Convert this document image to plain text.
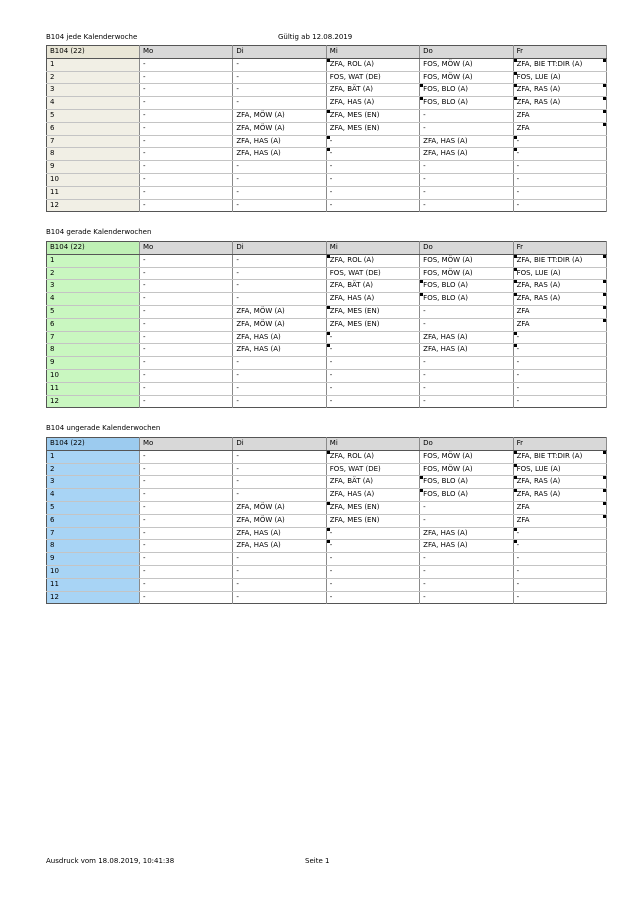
B104 jede Kalenderwoche	Gültig ab 12.08.2019
B104 gerade Kalenderwochen
B104 ungerade Kalenderwochen
B104 (22)	Mo	Di	Mi	Do	Fr
1	-	-	ZFA, ROL (A)	FOS, MÖW (A)	ZFA, BIE TT:DIR (A)

2	-	-	FOS, WAT (DE)	FOS, MÖW (A)	FOS, LUE (A)

3	-	-	ZFA, BÄT (A)	FOS, BLO (A)	ZFA, RAS (A)

4	-	-	ZFA, HAS (A)	FOS, BLO (A)	ZFA, RAS (A)

5	-	ZFA, MÖW (A)	ZFA, MES (EN)	-	ZFA

6	-	ZFA, MÖW (A)	ZFA, MES (EN)	-	ZFA

7	-	ZFA, HAS (A)	-	ZFA, HAS (A)	-

8	-	ZFA, HAS (A)	-	ZFA, HAS (A)	-

9	-	-	-	-	-
10	-	-	-	-	-
11	-	-	-	-	-
12	-	-	-	-	-
B104 (22)	Mo	Di	Mi	Do	Fr
1	-	-	ZFA, ROL (A)	FOS, MÖW (A)	ZFA, BIE TT:DIR (A)

2	-	-	FOS, WAT (DE)	FOS, MÖW (A)	FOS, LUE (A)

3	-	-	ZFA, BÄT (A)	FOS, BLO (A)	ZFA, RAS (A)

4	-	-	ZFA, HAS (A)	FOS, BLO (A)	ZFA, RAS (A)

5	-	ZFA, MÖW (A)	ZFA, MES (EN)	-	ZFA

6	-	ZFA, MÖW (A)	ZFA, MES (EN)	-	ZFA

7	-	ZFA, HAS (A)	-	ZFA, HAS (A)	-

8	-	ZFA, HAS (A)	-	ZFA, HAS (A)	-

9	-	-	-	-	-
10	-	-	-	-	-
11	-	-	-	-	-
12	-	-	-	-	-
B104 (22)	Mo	Di	Mi	Do	Fr
1	-	-	ZFA, ROL (A)	FOS, MÖW (A)	ZFA, BIE TT:DIR (A)

2	-	-	FOS, WAT (DE)	FOS, MÖW (A)	FOS, LUE (A)

3	-	-	ZFA, BÄT (A)	FOS, BLO (A)	ZFA, RAS (A)

4	-	-	ZFA, HAS (A)	FOS, BLO (A)	ZFA, RAS (A)

5	-	ZFA, MÖW (A)	ZFA, MES (EN)	-	ZFA

6	-	ZFA, MÖW (A)	ZFA, MES (EN)	-	ZFA

7	-	ZFA, HAS (A)	-	ZFA, HAS (A)	-

8	-	ZFA, HAS (A)	-	ZFA, HAS (A)	-

9	-	-	-	-	-
10	-	-	-	-	-
11	-	-	-	-	-
12	-	-	-	-	-
Ausdruck vom 18.08.2019, 10:41:38	Seite 1
